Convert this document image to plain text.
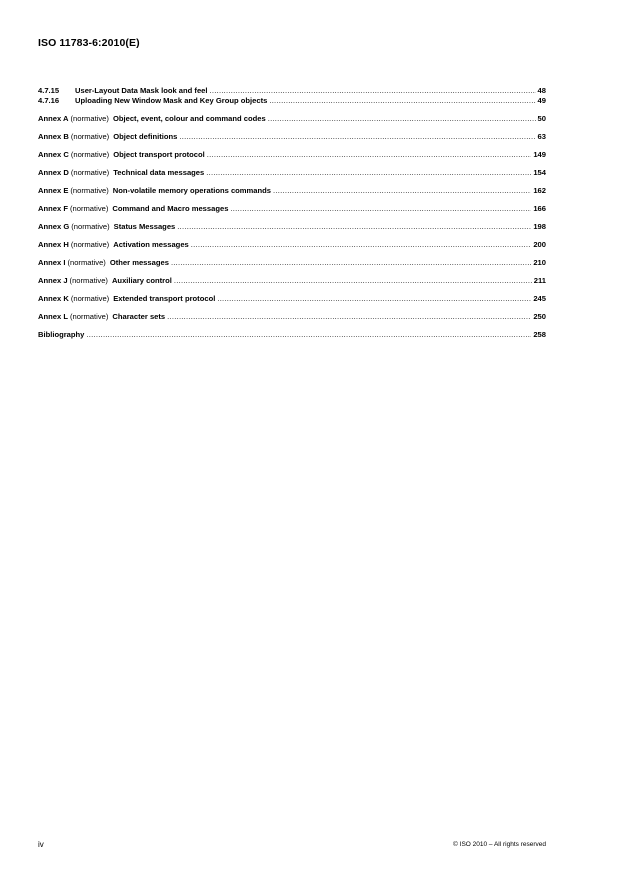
ISO 11783-6:2010(E)
4.7.15	User-Layout Data Mask look and feel .....	48
4.7.16	Uploading New Window Mask and Key Group objects .....	49
Annex A (normative) Object, event, colour and command codes .....	50
Annex B (normative) Object definitions .....	63
Annex C (normative) Object transport protocol .....	149
Annex D (normative) Technical data messages .....	154
Annex E (normative) Non-volatile memory operations commands .....	162
Annex F (normative) Command and Macro messages .....	166
Annex G (normative) Status Messages .....	198
Annex H (normative) Activation messages .....	200
Annex I (normative) Other messages .....	210
Annex J (normative) Auxiliary control .....	211
Annex K (normative) Extended transport protocol .....	245
Annex L (normative) Character sets .....	250
Bibliography .....	258
iv	© ISO 2010 – All rights reserved
